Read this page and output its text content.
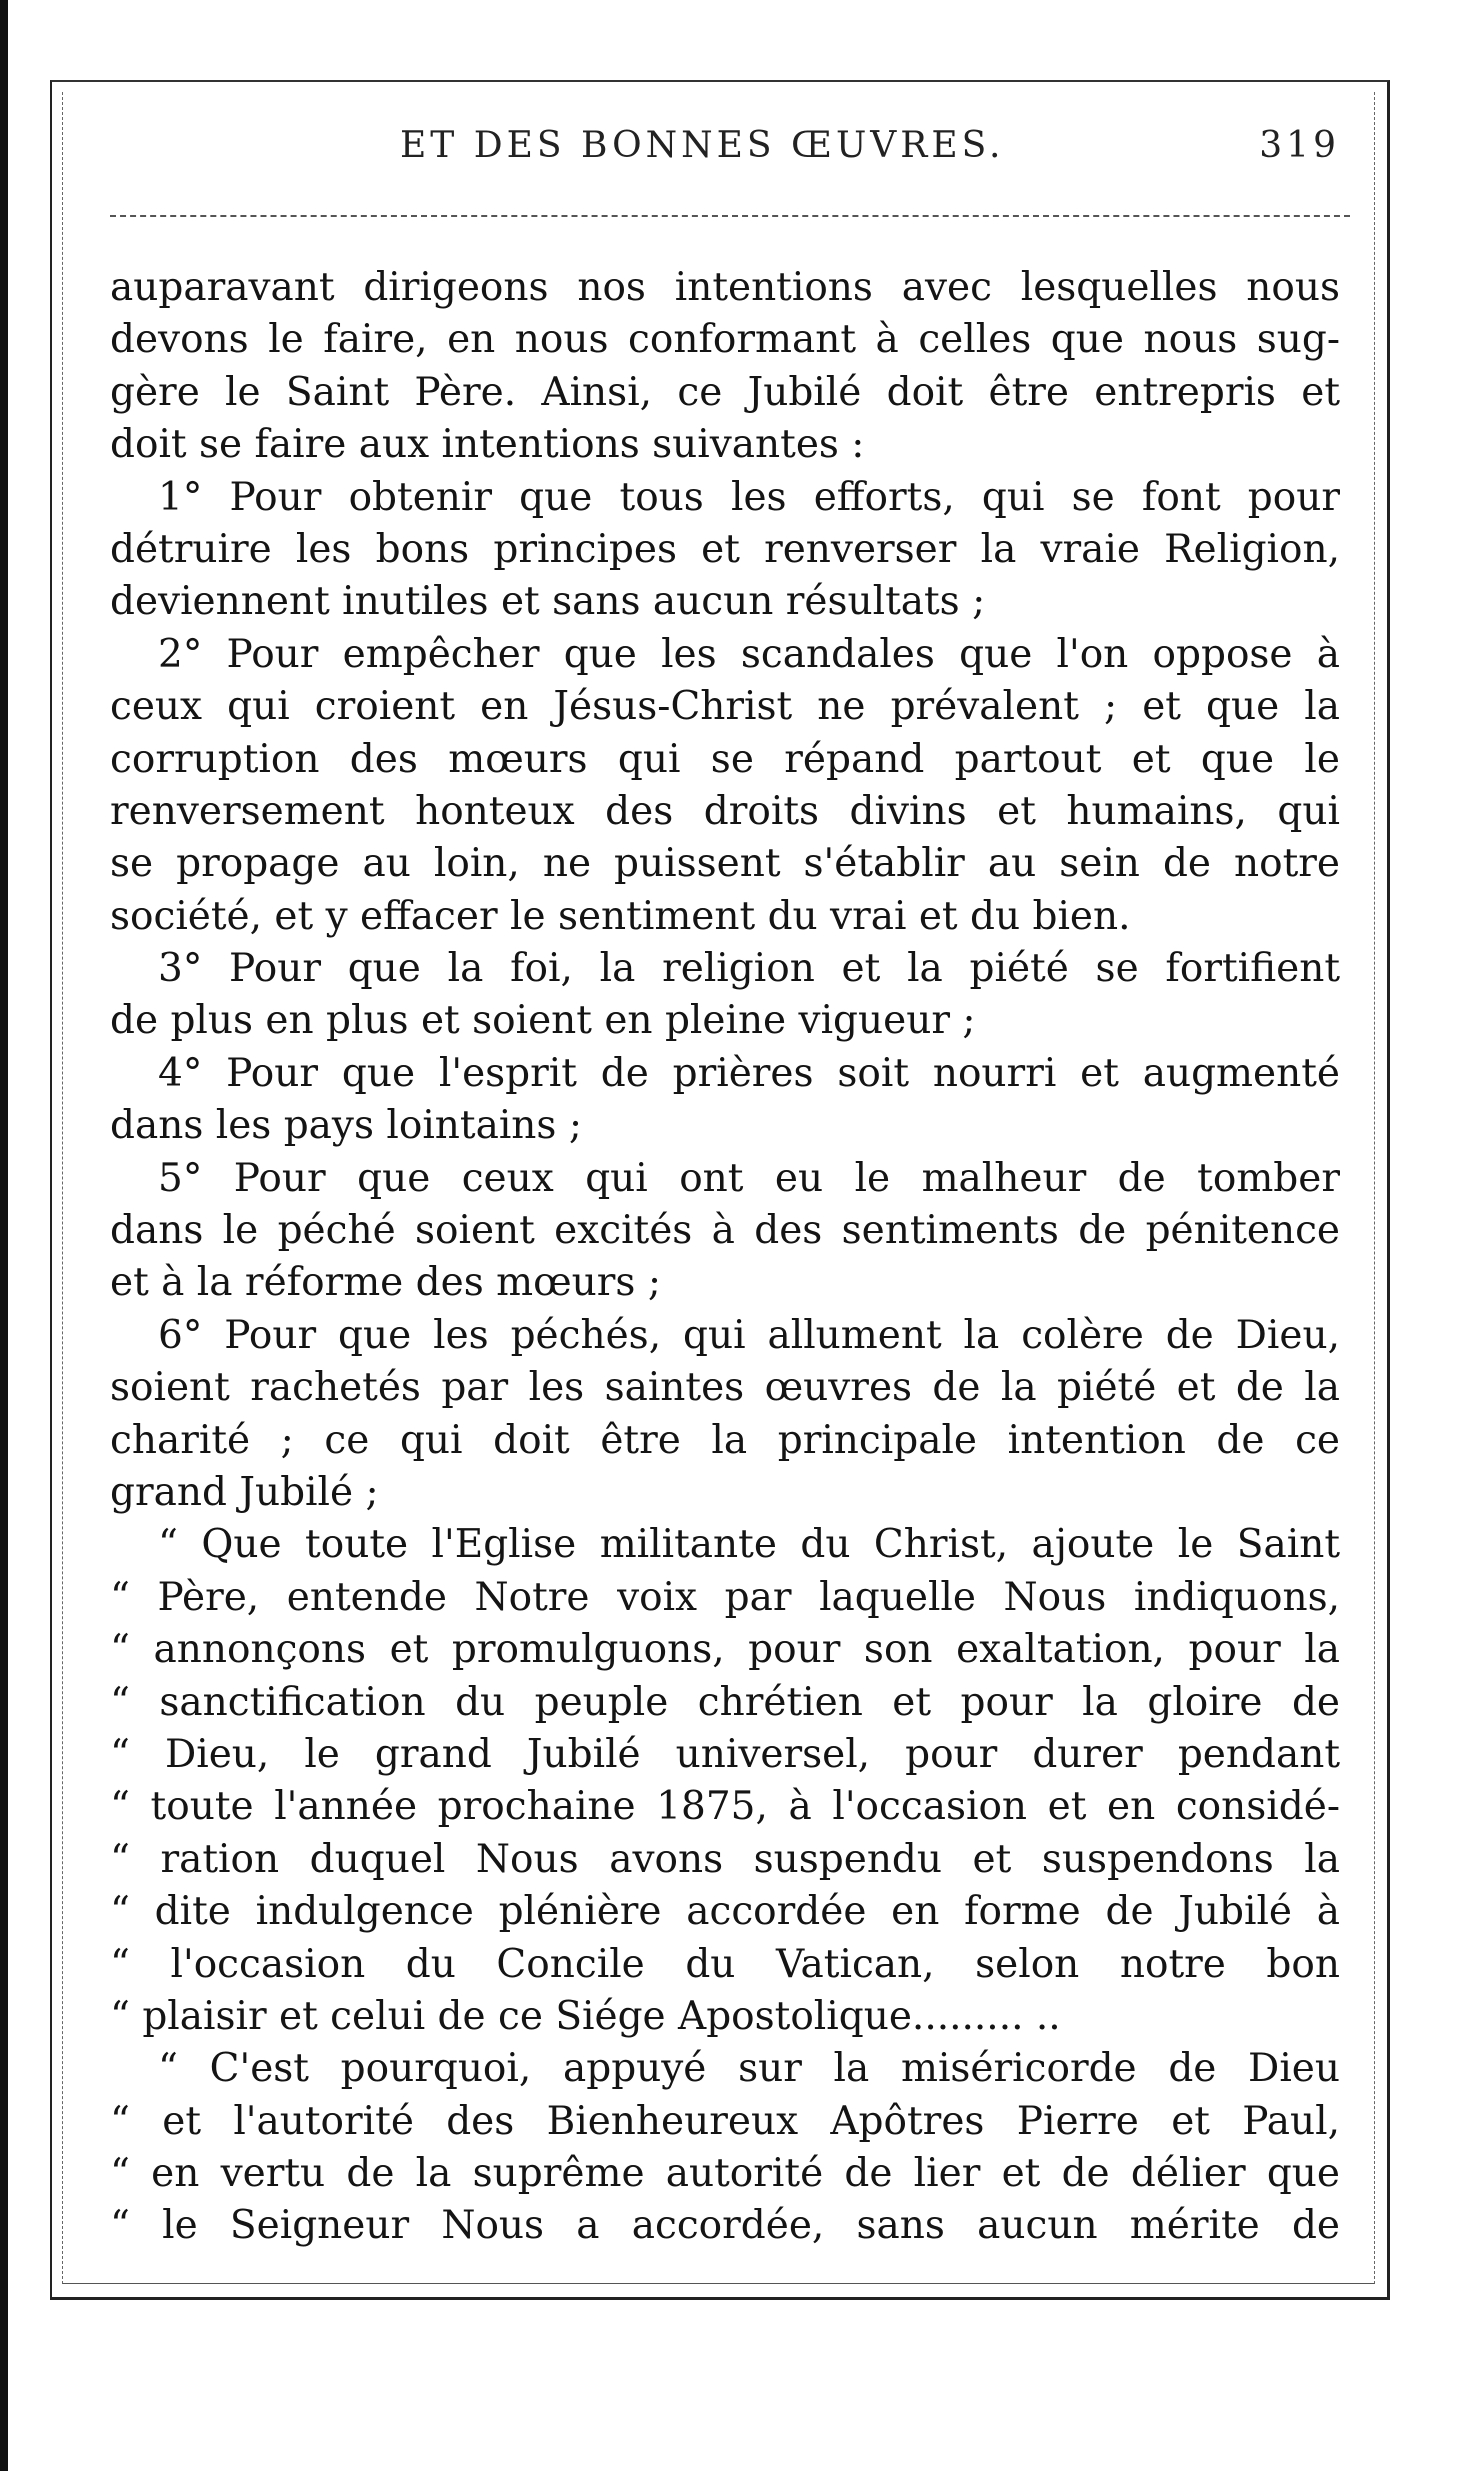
ET DES BONNES ŒUVRES.	319
auparavant dirigeons nos intentions avec lesquelles nous
devons le faire, en nous conformant à celles que nous sug-
gère le Saint Père. Ainsi, ce Jubilé doit être entrepris et
doit se faire aux intentions suivantes :
1° Pour obtenir que tous les efforts, qui se font pour
détruire les bons principes et renverser la vraie Religion,
deviennent inutiles et sans aucun résultats ;
2° Pour empêcher que les scandales que l'on oppose à
ceux qui croient en Jésus-Christ ne prévalent ; et que la
corruption des mœurs qui se répand partout et que le
renversement honteux des droits divins et humains, qui
se propage au loin, ne puissent s'établir au sein de notre
société, et y effacer le sentiment du vrai et du bien.
3° Pour que la foi, la religion et la piété se fortifient
de plus en plus et soient en pleine vigueur ;
4° Pour que l'esprit de prières soit nourri et augmenté
dans les pays lointains ;
5° Pour que ceux qui ont eu le malheur de tomber
dans le péché soient excités à des sentiments de pénitence
et à la réforme des mœurs ;
6° Pour que les péchés, qui allument la colère de Dieu,
soient rachetés par les saintes œuvres de la piété et de la
charité ; ce qui doit être la principale intention de ce
grand Jubilé ;
“ Que toute l'Eglise militante du Christ, ajoute le Saint
“ Père, entende Notre voix par laquelle Nous indiquons,
“ annonçons et promulguons, pour son exaltation, pour la
“ sanctification du peuple chrétien et pour la gloire de
“ Dieu, le grand Jubilé universel, pour durer pendant
“ toute l'année prochaine 1875, à l'occasion et en considé-
“ ration duquel Nous avons suspendu et suspendons la
“ dite indulgence plénière accordée en forme de Jubilé à
“ l'occasion du Concile du Vatican, selon notre bon
“ plaisir et celui de ce Siége Apostolique......... ..
“ C'est pourquoi, appuyé sur la miséricorde de Dieu
“ et l'autorité des Bienheureux Apôtres Pierre et Paul,
“ en vertu de la suprême autorité de lier et de délier que
“ le Seigneur Nous a accordée, sans aucun mérite de
